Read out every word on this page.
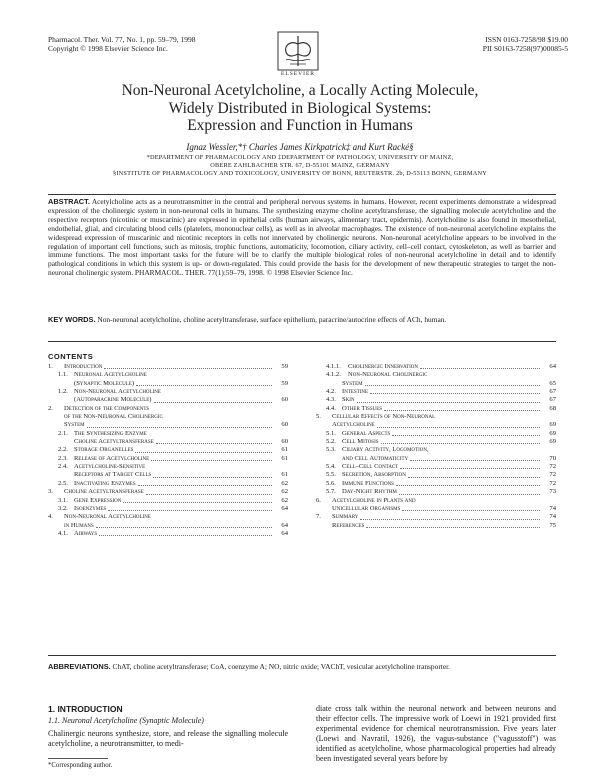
Pharmacol. Ther. Vol. 77, No. 1, pp. 59–79, 1998
Copyright © 1998 Elsevier Science Inc.
ELSEVIER
ISSN 0163-7258/98 $19.00
PII S0163-7258(97)00085-5
Non-Neuronal Acetylcholine, a Locally Acting Molecule,
Widely Distributed in Biological Systems:
Expression and Function in Humans
Ignaz Wessler,*† Charles James Kirkpatrick‡ and Kurt Racké§
*DEPARTMENT OF PHARMACOLOGY AND ‡DEPARTMENT OF PATHOLOGY, UNIVERSITY OF MAINZ,
OBERE ZAHLBACHER STR. 67, D-55101 MAINZ, GERMANY
§INSTITUTE OF PHARMACOLOGY AND TOXICOLOGY, UNIVERSITY OF BONN, REUTERSTR. 2b, D-53113 BONN, GERMANY
ABSTRACT. Acetylcholine acts as a neurotransmitter in the central and peripheral nervous systems in humans. However, recent experiments demonstrate a widespread expression of the cholinergic system in non-neuronal cells in humans. The synthesizing enzyme choline acetyltransferase, the signalling molecule acetylcholine and the respective receptors (nicotinic or muscarinic) are expressed in epithelial cells (human airways, alimentary tract, epidermis). Acetylcholine is also found in mesothelial, endothelial, glial, and circulating blood cells (platelets, mononuclear cells), as well as in alveolar macrophages. The existence of non-neuronal acetylcholine explains the widespread expression of muscarinic and nicotinic receptors in cells not innervated by cholinergic neurons. Non-neuronal acetylcholine appears to be involved in the regulation of important cell functions, such as mitosis, trophic functions, automaticity, locomotion, ciliary activity, cell–cell contact, cytoskeleton, as well as barrier and immune functions. The most important tasks for the future will be to clarify the multiple biological roles of non-neuronal acetylcholine in detail and to identify pathological conditions in which this system is up- or down-regulated. This could provide the basis for the development of new therapeutic strategies to target the non-neuronal cholinergic system. PHARMACOL. THER. 77(1):59–79, 1998. © 1998 Elsevier Science Inc.
KEY WORDS. Non-neuronal acetylcholine, choline acetyltransferase, surface epithelium, paracrine/autocrine effects of ACh, human.
CONTENTS
1.	Introduction	59
1.1. Neuronal Acetylcholine
(Synaptic Molecule)	59
1.2. Non-Neuronal Acetylcholine
(Autoparacrine Molecule)	60
2.	Detection of the Components
of the Non-Neuronal Cholinergic
System	60
2.1. The Synthesizing Enzyme
Choline Acetyltransferase	60
2.2. Storage Organelles	61
2.3. Release of Acetylcholine	61
2.4. Acetylcholine-Sensitive
Receptors at Target Cells	61
2.5. Inactivating Enzymes	62
3.	Choline Acetyltransferase	62
3.1. Gene Expression	62
3.2. Isoenzymes	64
4.	Non-Neuronal Acetylcholine
in Humans	64
4.1. Airways	64
4.1.1.	Cholinergic Innervation	64
4.1.2.	Non-Neuronal Cholinergic
System	65
4.2. Intestine	67
4.3. Skin	67
4.4. Other Tissues	68
5.	Cellular Effects of Non-Neuronal
Acetylcholine	69
5.1. General Aspects	69
5.2. Cell Mitosis	69
5.3. Ciliary Activity, Locomotion,
and Cell Automaticity	70
5.4. Cell–Cell Contact	72
5.5. Secretion, Absorption	72
5.6. Immune Functions	72
5.7. Day-Night Rhythm	73
6.	Acetylcholine in Plants and
Unicellular Organisms	74
7.	Summary	74
References	75
ABBREVIATIONS. ChAT, choline acetyltransferase; CoA, coenzyme A; NO, nitric oxide; VAChT, vesicular acetylcholine transporter.
1. INTRODUCTION
1.1. Neuronal Acetylcholine (Synaptic Molecule)
Chalinergic neurons synthesize, store, and release the signalling molecule acetylcholine, a neurotransmitter, to medi-
diate cross talk within the neuronal network and between neurons and their effector cells. The impressive work of Loewi in 1921 provided first experimental evidence for chemical neurotransmission. Five years later (Loewi and Navratil, 1926), the vagus-substance ("vagusstoff") was identified as acetylcholine, whose pharmacological properties had already been investigated several years before by
*Corresponding author.
